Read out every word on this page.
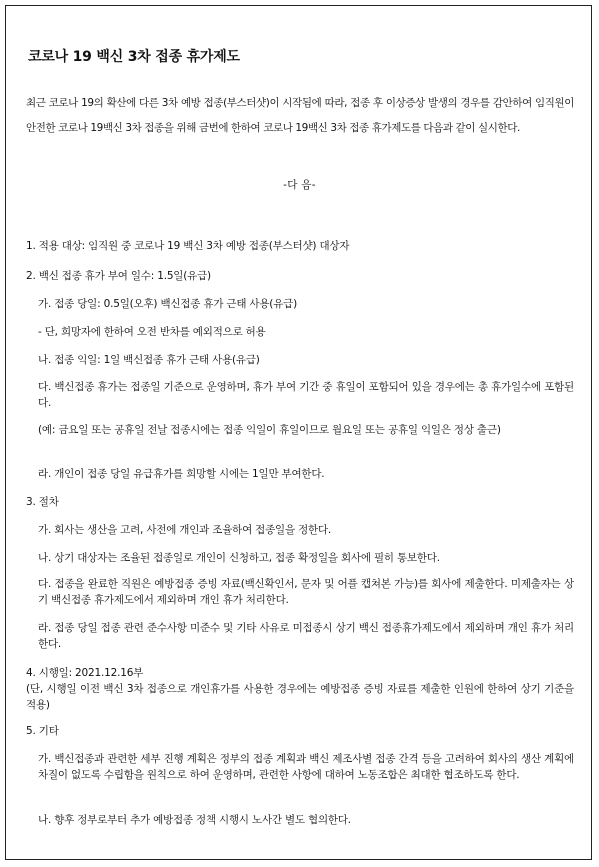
코로나 19 백신 3차 접종 휴가제도
최근 코로나 19의 확산에 다른 3차 예방 접종(부스터샷)이 시작됨에 따라, 접종 후 이상증상 발생의 경우를 감안하여 임직원이 안전한 코로나 19백신 3차 접종을 위해 금번에 한하여 코로나 19백신 3차 접종 휴가제도를 다음과 같이 실시한다.
-다 음-
1. 적용 대상: 임직원 중 코로나 19 백신 3차 예방 접종(부스터샷) 대상자
2. 백신 접종 휴가 부여 일수: 1.5일(유급)
가. 접종 당일: 0.5일(오후) 백신접종 휴가 근태 사용(유급)
- 단, 희망자에 한하여 오전 반차를 예외적으로 허용
나. 접종 익일: 1일 백신접종 휴가 근태 사용(유급)
다. 백신접종 휴가는 접종일 기준으로 운영하며, 휴가 부여 기간 중 휴일이 포함되어 있을 경우에는 총 휴가일수에 포함된다.
(예: 금요일 또는 공휴일 전날 접종시에는 접종 익일이 휴일이므로 월요일 또는 공휴일 익일은 정상 출근)
라. 개인이 접종 당일 유급휴가를 희망할 시에는 1일만 부여한다.
3. 절차
가. 회사는 생산을 고려, 사전에 개인과 조율하여 접종일을 정한다.
나. 상기 대상자는 조율된 접종일로 개인이 신청하고, 접종 확정일을 회사에 필히 통보한다.
다. 접종을 완료한 직원은 예방접종 증빙 자료(백신확인서, 문자 및 어플 캡쳐본 가능)를 회사에 제출한다. 미제출자는 상기 백신접종 휴가제도에서 제외하며 개인 휴가 처리한다.
라. 접종 당일 접종 관련 준수사항 미준수 및 기타 사유로 미접종시 상기 백신 접종휴가제도에서 제외하며 개인 휴가 처리한다.
4. 시행일: 2021.12.16부
(단, 시행일 이전 백신 3차 접종으로 개인휴가를 사용한 경우에는 예방접종 증빙 자료를 제출한 인원에 한하여 상기 기준을 적용)
5. 기타
가. 백신접종과 관련한 세부 진행 계획은 정부의 접종 계획과 백신 제조사별 접종 간격 등을 고려하여 회사의 생산 계획에 차질이 없도록 수립함을 원칙으로 하여 운영하며, 관련한 사항에 대하여 노동조합은 최대한 협조하도록 한다.
나. 향후 정부로부터 추가 예방접종 정책 시행시 노사간 별도 협의한다.
